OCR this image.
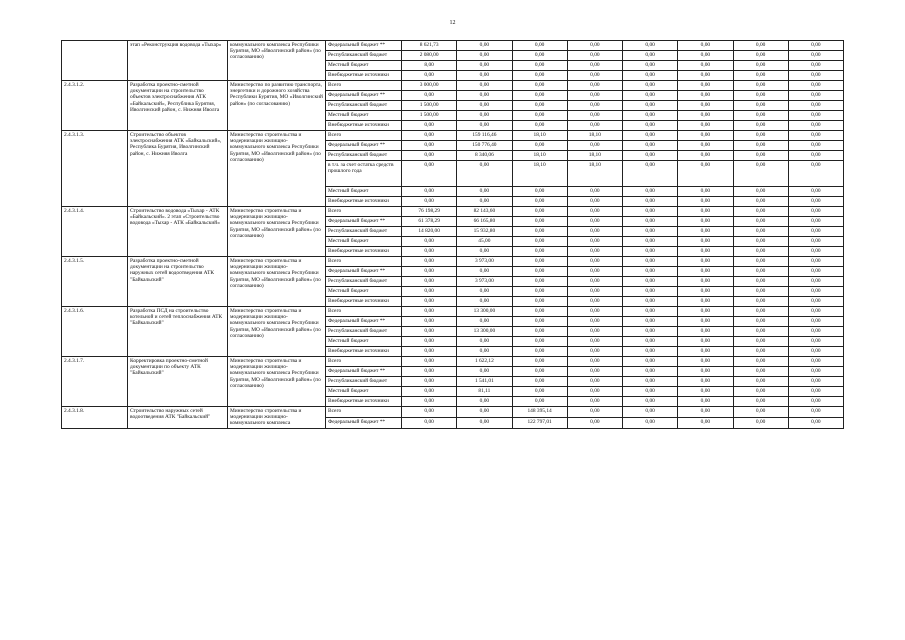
12
	этап «Реконструкция водовода «Тыхар»	коммунального комплекса Республики Бурятия, МО «Иволгинский район» (по согласованию)	Федеральный бюджет **	8 621,73	0,00	0,00	0,00	0,00	0,00	0,00	0,00
			Республиканский бюджет	2 080,00	0,00	0,00	0,00	0,00	0,00	0,00	0,00
			Местный бюджет	8,00	0,00	0,00	0,00	0,00	0,00	0,00	0,00
			Внебюджетные источники	0,00	0,00	0,00	0,00	0,00	0,00	0,00	0,00
2.4.3.1.2.	Разработка проектно-сметной документации на строительство объектов электроснабжения АТК «Байкальский», Республика Бурятия, Иволгинский район, с. Нижняя Иволга	Министерство по развитию транспорта, энергетики и дорожного хозяйства Республики Бурятия, МО «Иволгинский район» (по согласованию)	Всего	3 000,00	0,00	0,00	0,00	0,00	0,00	0,00	0,00
			Федеральный бюджет **	0,00	0,00	0,00	0,00	0,00	0,00	0,00	0,00
			Республиканский бюджет	1 500,00	0,00	0,00	0,00	0,00	0,00	0,00	0,00
			Местный бюджет	1 500,00	0,00	0,00	0,00	0,00	0,00	0,00	0,00
			Внебюджетные источники	0,00	0,00	0,00	0,00	0,00	0,00	0,00	0,00
2.4.3.1.3.	Строительство объектов электроснабжения АТК «Байкальский», Республика Бурятия, Иволгинский район, с. Нижняя Иволга	Министерство строительства и модернизации жилищно-коммунального комплекса Республики Бурятия, МО «Иволгинский район» (по согласованию)	Всего	0,00	159 116,46	18,10	18,10	0,00	0,00	0,00	0,00
			Федеральный бюджет **	0,00	150 776,40	0,00	0,00	0,00	0,00	0,00	0,00
			Республиканский бюджет	0,00	8 340,06	18,10	18,10	0,00	0,00	0,00	0,00
			в т.ч. за счет остатка средств прошлого года	0,00	0,00	18,10	18,10	0,00	0,00	0,00	0,00
			Местный бюджет	0,00	0,00	0,00	0,00	0,00	0,00	0,00	0,00
			Внебюджетные источники	0,00	0,00	0,00	0,00	0,00	0,00	0,00	0,00
2.4.3.1.4.	Строительство водовода «Тыхар - АТК «Байкальский». 2 этап «Строительство водовода «Тыхар - АТК «Байкальский»	Министерство строительства и модернизации жилищно-коммунального комплекса Республики Бурятия, МО «Иволгинский район» (по согласованию)	Всего	76 198,29	82 143,60	0,00	0,00	0,00	0,00	0,00	0,00
			Федеральный бюджет **	61 378,29	66 165,80	0,00	0,00	0,00	0,00	0,00	0,00
			Республиканский бюджет	14 820,00	15 932,80	0,00	0,00	0,00	0,00	0,00	0,00
			Местный бюджет	0,00	45,00	0,00	0,00	0,00	0,00	0,00	0,00
			Внебюджетные источники	0,00	0,00	0,00	0,00	0,00	0,00	0,00	0,00
2.4.3.1.5.	Разработка проектно-сметной документации на строительство наружных сетей водоотведения АТК "Байкальский"	Министерство строительства и модернизации жилищно-коммунального комплекса Республики Бурятия, МО «Иволгинский район» (по согласованию)	Всего	0,00	3 973,00	0,00	0,00	0,00	0,00	0,00	0,00
			Федеральный бюджет **	0,00	0,00	0,00	0,00	0,00	0,00	0,00	0,00
			Республиканский бюджет	0,00	3 973,00	0,00	0,00	0,00	0,00	0,00	0,00
			Местный бюджет	0,00	0,00	0,00	0,00	0,00	0,00	0,00	0,00
			Внебюджетные источники	0,00	0,00	0,00	0,00	0,00	0,00	0,00	0,00
2.4.3.1.6.	Разработка ПСД на строительство котельной и сетей теплоснабжения АТК "Байкальский"	Министерство строительства и модернизации жилищно-коммунального комплекса Республики Бурятия, МО «Иволгинский район» (по согласованию)	Всего	0,00	13 300,00	0,00	0,00	0,00	0,00	0,00	0,00
			Федеральный бюджет **	0,00	0,00	0,00	0,00	0,00	0,00	0,00	0,00
			Республиканский бюджет	0,00	13 300,00	0,00	0,00	0,00	0,00	0,00	0,00
			Местный бюджет	0,00	0,00	0,00	0,00	0,00	0,00	0,00	0,00
			Внебюджетные источники	0,00	0,00	0,00	0,00	0,00	0,00	0,00	0,00
2.4.3.1.7.	Корректировка проектно-сметной документации по объекту АТК "Байкальский"	Министерство строительства и модернизации жилищно-коммунального комплекса Республики Бурятия, МО «Иволгинский район» (по согласованию)	Всего	0,00	1 622,12	0,00	0,00	0,00	0,00	0,00	0,00
			Федеральный бюджет **	0,00	0,00	0,00	0,00	0,00	0,00	0,00	0,00
			Республиканский бюджет	0,00	1 541,01	0,00	0,00	0,00	0,00	0,00	0,00
			Местный бюджет	0,00	81,11	0,00	0,00	0,00	0,00	0,00	0,00
			Внебюджетные источники	0,00	0,00	0,00	0,00	0,00	0,00	0,00	0,00
2.4.3.1.8.	Строительство наружных сетей водоотведения АТК "Байкальский"	Министерство строительства и модернизации жилищно-коммунального комплекса	Всего	0,00	0,00	148 395,14	0,00	0,00	0,00	0,00	0,00
			Федеральный бюджет **	0,00	0,00	122 797,01	0,00	0,00	0,00	0,00	0,00
